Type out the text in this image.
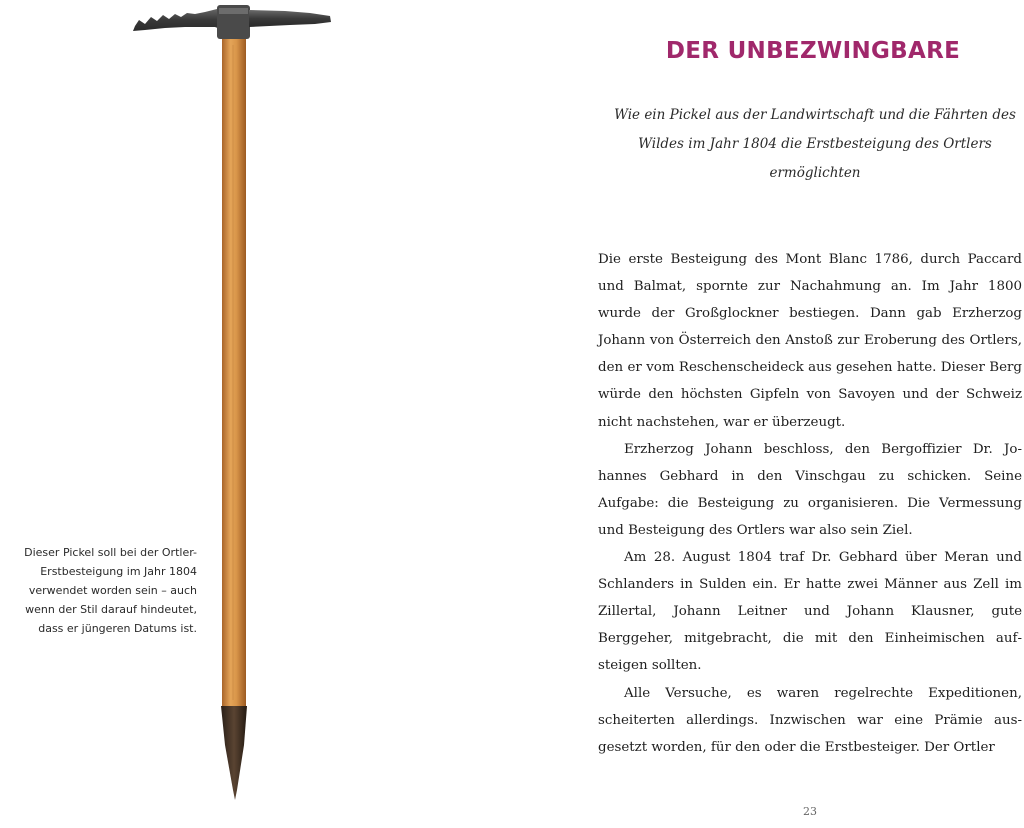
Dieser Pickel soll bei der Ortler-Erstbesteigung im Jahr 1804 verwendet worden sein – auch wenn der Stil darauf hindeutet, dass er jüngeren Datums ist.
DER UNBEZWINGBARE

Wie ein Pickel aus der Landwirtschaft und die Fährten des Wildes im Jahr 1804 die Erstbesteigung des Ortlers ermöglichten

Die erste Besteigung des Mont Blanc 1786, durch Paccard und Balmat, spornte zur Nachahmung an. Im Jahr 1800 wurde der Großglockner bestiegen. Dann gab Erzherzog Johann von Österreich den Anstoß zur Eroberung des Ortlers, den er vom Reschenscheideck aus gesehen hatte. Dieser Berg würde den höchsten Gipfeln von Savoyen und der Schweiz nicht nachstehen, war er überzeugt.

Erzherzog Johann beschloss, den Bergoffizier Dr. Johannes Gebhard in den Vinschgau zu schicken. Seine Aufgabe: die Besteigung zu organisieren. Die Vermessung und Besteigung des Ortlers war also sein Ziel.

Am 28. August 1804 traf Dr. Gebhard über Meran und Schlanders in Sulden ein. Er hatte zwei Männer aus Zell im Zillertal, Johann Leitner und Johann Klausner, gute Berggeher, mitgebracht, die mit den Einheimischen aufsteigen sollten.

Alle Versuche, es waren regelrechte Expeditionen, scheiterten allerdings. Inzwischen war eine Prämie ausgesetzt worden, für den oder die Erstbesteiger. Der Ortler

23
